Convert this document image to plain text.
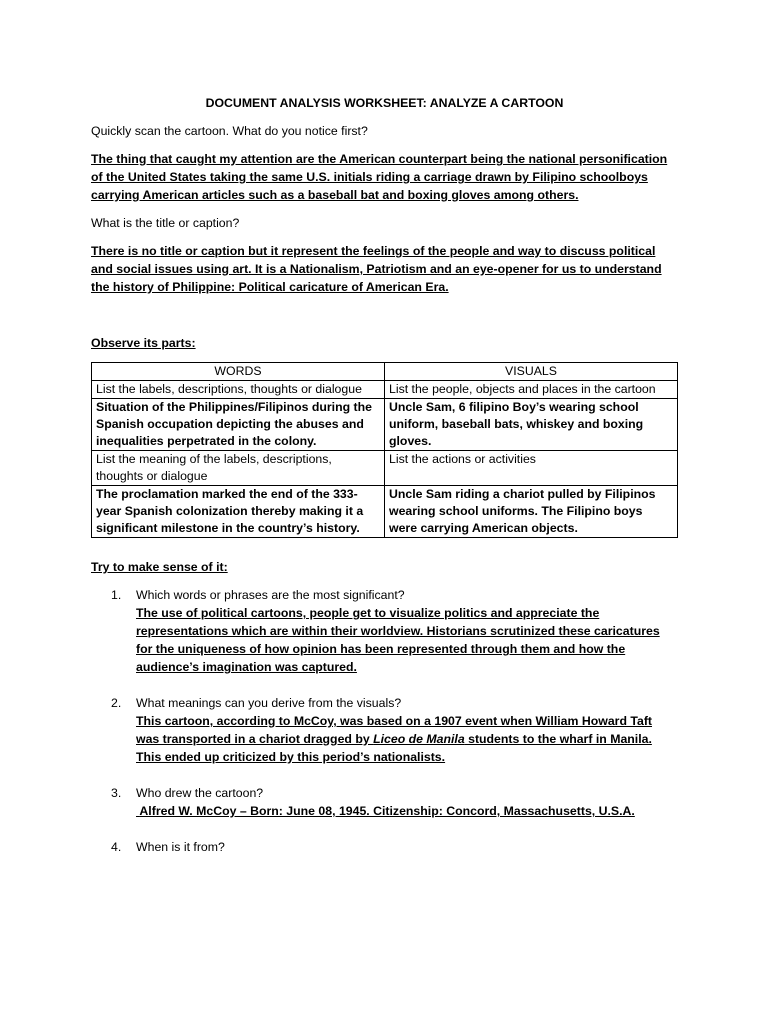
DOCUMENT ANALYSIS WORKSHEET: ANALYZE A CARTOON
Quickly scan the cartoon. What do you notice first?
The thing that caught my attention are the American counterpart being the national personification of the United States taking the same U.S. initials riding a carriage drawn by Filipino schoolboys carrying American articles such as a baseball bat and boxing gloves among others.
What is the title or caption?
There is no title or caption but it represent the feelings of the people and way to discuss political and social issues using art. It is a Nationalism, Patriotism and an eye-opener for us to understand the history of Philippine: Political caricature of American Era.
Observe its parts:
WORDS	VISUALS
List the labels, descriptions, thoughts or dialogue	List the people, objects and places in the cartoon
Situation of the Philippines/Filipinos during the Spanish occupation depicting the abuses and inequalities perpetrated in the colony.	Uncle Sam, 6 filipino Boy’s wearing school uniform, baseball bats, whiskey and boxing gloves.
List the meaning of the labels, descriptions, thoughts or dialogue	List the actions or activities
The proclamation marked the end of the 333-year Spanish colonization thereby making it a significant milestone in the country’s history.	Uncle Sam riding a chariot pulled by Filipinos wearing school uniforms. The Filipino boys were carrying American objects.
Try to make sense of it:
1. Which words or phrases are the most significant?
The use of political cartoons, people get to visualize politics and appreciate the representations which are within their worldview. Historians scrutinized these caricatures for the uniqueness of how opinion has been represented through them and how the audience’s imagination was captured.
2. What meanings can you derive from the visuals?
This cartoon, according to McCoy, was based on a 1907 event when William Howard Taft was transported in a chariot dragged by Liceo de Manila students to the wharf in Manila. This ended up criticized by this period’s nationalists.
3. Who drew the cartoon?
Alfred W. McCoy – Born: June 08, 1945. Citizenship: Concord, Massachusetts, U.S.A.
4. When is it from?
